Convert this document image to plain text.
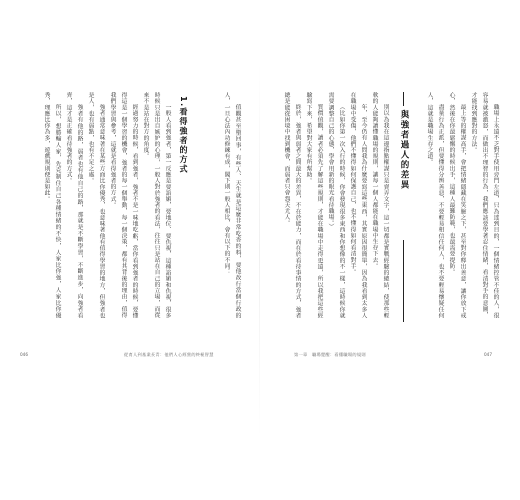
職場上永遠不乏對手使用旁門左道，只為達到目的，一個情緒控管不佳的人，很容易就被激怒，而做出不理智的行為，我們應該要學著忍住情緒，看清對手的意圖，才能找到應對的方法。

最上等的權謀高手，會把情緒隱藏在笑臉之下，甚至對你釋出善意，讓你放下戒心，然後在你最鬆懈的時候出手，這種人最難防範，也最需要提防。

盡量行為正派，但要懂得分辨善惡，不要輕易相信任何人，也不要輕易懷疑任何人，這就是職場生存之道。

與強者過人的差異

別以為我在這邊指點權謀只是賣弄文字，這一切都是實戰經驗的總結，使那些輕軟的人能夠讀懂職場的規則，讓每一個人都能在職場中生存下去。

年，至今仍有人問我為什麼要寫這些東西，其實原因很簡單，因為我看到太多人在職場中受傷，他們不懂得如何保護自己，也不懂得如何看清對手。

（比如你第一次入行的時候，你會發現很多東西和你想像的不一樣，這時候你就需要調整自己的心態，學會用新的眼光看待職場。）

質價值觀，讀者必須先了解這些規則，才能在職場中走得更遠，所以我把這些經驗寫下來，希望對大家有所幫助。

終於，強者與弱者之間最大的差異，不在於能力，而在於看待事情的方式，強者總是能從困境中找到機會，而弱者只會怨天尤人。

值觀甚至墮回事，有些人、天生就是這麼非常吃香的料，要他改行當個行政的人，一旦心法內功修練有成，閣下則一般人相比，會有以下的不同：

1.看得強者的方式

一般人看到強者，第一反應是要諂媚，要地位、要仇視，這種諂媚和仇視，很多時候只是出自嫉妒的心理，一般人對於強者的看法，往往只是站在自己的立場，而從來不是站在對方的角度。

經過努力的時候，看到強者，強者不是一味地吃虧，當你看到強者的時候，要懂得這是一個學習的機會，強者的每一個舉動，每一個決策，都有其背後的理由，值得我們學習與參考，這就是看得強者的方式。

強者通常意味著在某些方面比你優秀，也意味著他有值得學習的地方，但強者也是人，也有弱點，也有不足之處。

強者有他的路，弱者也有他自己的路，那就是不斷學習，不斷進步，向強者看齊，這才是正確看待強者的方式。

所以，想勝輸人家，先克制住自己各種情緒的不快，人家比你強，人家比你優秀，理應比你為多，遊戲規則便是如此。

046	從育人到基業長青：他們人心經營的終極智慧	第一章　職場覺醒：看懂職場的規則	047
